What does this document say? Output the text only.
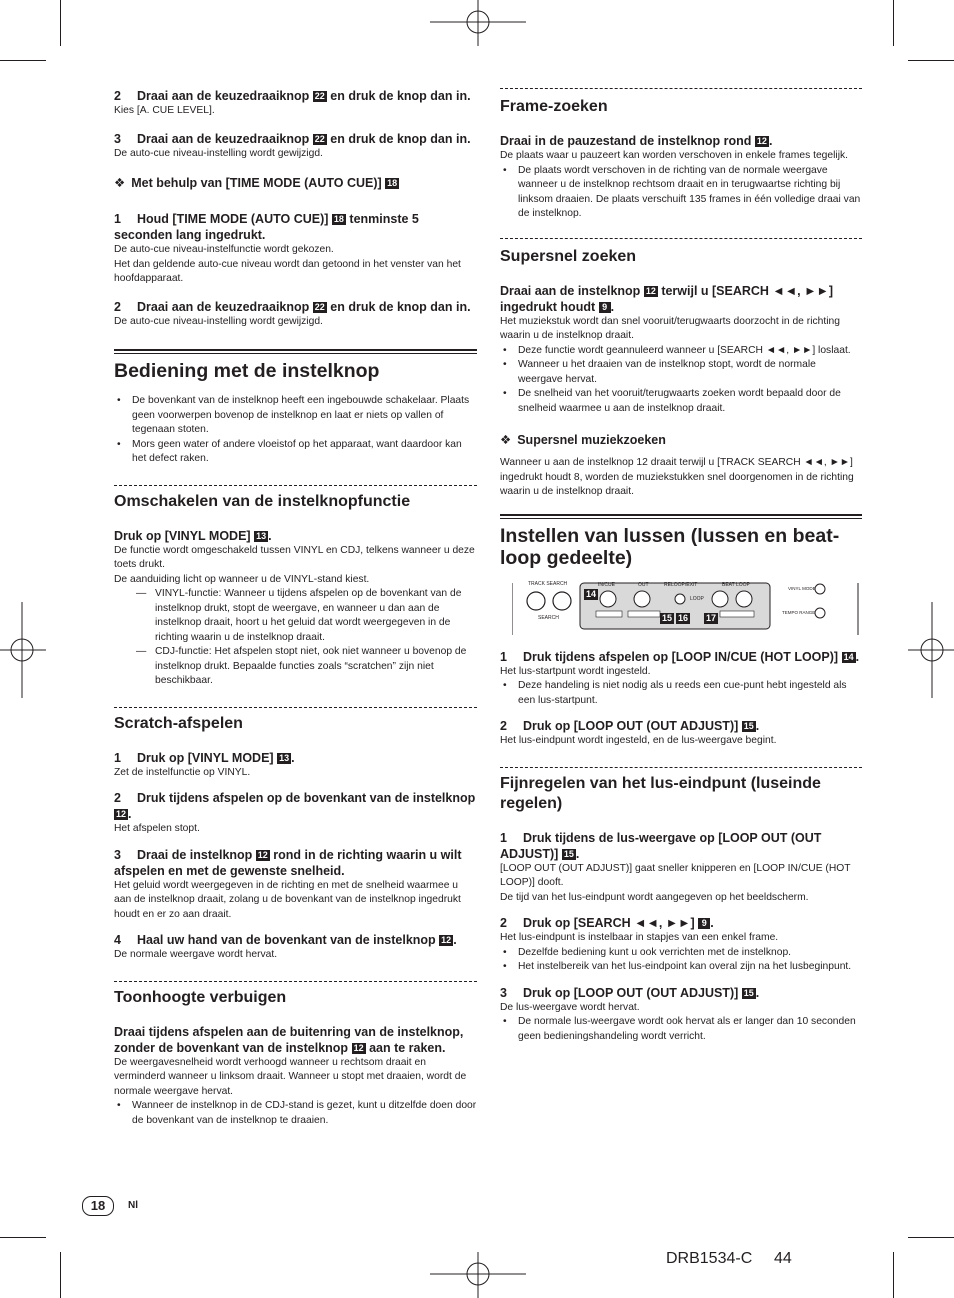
2 Draai aan de keuzedraaiknop 22 en druk de knop dan in.

Kies [A. CUE LEVEL].

3 Draai aan de keuzedraaiknop 22 en druk de knop dan in.

De auto-cue niveau-instelling wordt gewijzigd.

❖ Met behulp van [TIME MODE (AUTO CUE)] 18

1 Houd [TIME MODE (AUTO CUE)] 18 tenminste 5 seconden lang ingedrukt.

De auto-cue niveau-instelfunctie wordt gekozen.

Het dan geldende auto-cue niveau wordt dan getoond in het venster van het hoofdapparaat.

2 Draai aan de keuzedraaiknop 22 en druk de knop dan in.

De auto-cue niveau-instelling wordt gewijzigd.

Bediening met de instelknop

• De bovenkant van de instelknop heeft een ingebouwde schakelaar. Plaats geen voorwerpen bovenop de instelknop en laat er niets op vallen of tegenaan stoten.

• Mors geen water of andere vloeistof op het apparaat, want daardoor kan het defect raken.

Omschakelen van de instelknopfunctie

Druk op [VINYL MODE] 13 .

De functie wordt omgeschakeld tussen VINYL en CDJ, telkens wanneer u deze toets drukt.

De aanduiding licht op wanneer u de VINYL-stand kiest.

— VINYL-functie: Wanneer u tijdens afspelen op de bovenkant van de instelknop drukt, stopt de weergave, en wanneer u dan aan de instelknop draait, hoort u het geluid dat wordt weergegeven in de richting waarin u de instelknop draait.

— CDJ-functie: Het afspelen stopt niet, ook niet wanneer u bovenop de instelknop drukt. Bepaalde functies zoals “scratchen” zijn niet beschikbaar.

Scratch-afspelen

1 Druk op [VINYL MODE] 13 .

Zet de instelfunctie op VINYL.

2 Druk tijdens afspelen op de bovenkant van de instelknop 12 .

Het afspelen stopt.

3 Draai de instelknop 12 rond in de richting waarin u wilt afspelen en met de gewenste snelheid.

Het geluid wordt weergegeven in de richting en met de snelheid waarmee u aan de instelknop draait, zolang u de bovenkant van de instelknop ingedrukt houdt en er zo aan draait.

4 Haal uw hand van de bovenkant van de instelknop 12 .

De normale weergave wordt hervat.

Toonhoogte verbuigen

Draai tijdens afspelen aan de buitenring van de instelknop, zonder de bovenkant van de instelknop 12 aan te raken.

De weergavesnelheid wordt verhoogd wanneer u rechtsom draait en verminderd wanneer u linksom draait. Wanneer u stopt met draaien, wordt de normale weergave hervat.

• Wanneer de instelknop in de CDJ-stand is gezet, kunt u ditzelfde doen door de bovenkant van de instelknop te draaien.

Frame-zoeken

Draai in de pauzestand de instelknop rond 12 .

De plaats waar u pauzeert kan worden verschoven in enkele frames tegelijk.

• De plaats wordt verschoven in de richting van de normale weergave wanneer u de instelknop rechtsom draait en in terugwaartse richting bij linksom draaien. De plaats verschuift 135 frames in één volledige draai van de instelknop.

Supersnel zoeken

Draai aan de instelknop 12 terwijl u [SEARCH ◄◄, ►►] ingedrukt houdt 9 .

Het muziekstuk wordt dan snel vooruit/terugwaarts doorzocht in de richting waarin u de instelknop draait.

• Deze functie wordt geannuleerd wanneer u [SEARCH ◄◄, ►►] loslaat.

• Wanneer u het draaien van de instelknop stopt, wordt de normale weergave hervat.

• De snelheid van het vooruit/terugwaarts zoeken wordt bepaald door de snelheid waarmee u aan de instelknop draait.

❖ Supersnel muziekzoeken

Wanneer u aan de instelknop 12 draait terwijl u [TRACK SEARCH ◄◄, ►►] ingedrukt houdt 8, worden de muziekstukken snel doorgenomen in de richting waarin u de instelknop draait.

Instellen van lussen (lussen en beat-loop gedeelte)
TRACK SEARCH
SEARCH
IN/CUE	OUT	RELOOP/EXIT	BEAT LOOP
LOOP
VINYL MODE
TEMPO RANGE
14
15 16 17

1 Druk tijdens afspelen op [LOOP IN/CUE (HOT LOOP)] 14 .

Het lus-startpunt wordt ingesteld.

• Deze handeling is niet nodig als u reeds een cue-punt hebt ingesteld als een lus-startpunt.

2 Druk op [LOOP OUT (OUT ADJUST)] 15 .

Het lus-eindpunt wordt ingesteld, en de lus-weergave begint.

Fijnregelen van het lus-eindpunt (luseinde regelen)

1 Druk tijdens de lus-weergave op [LOOP OUT (OUT ADJUST)] 15 .

[LOOP OUT (OUT ADJUST)] gaat sneller knipperen en [LOOP IN/CUE (HOT LOOP)] dooft.

De tijd van het lus-eindpunt wordt aangegeven op het beeldscherm.

2 Druk op [SEARCH ◄◄, ►►] 9 .

Het lus-eindpunt is instelbaar in stapjes van een enkel frame.

• Dezelfde bediening kunt u ook verrichten met de instelknop.

• Het instelbereik van het lus-eindpoint kan overal zijn na het lusbeginpunt.

3 Druk op [LOOP OUT (OUT ADJUST)] 15 .

De lus-weergave wordt hervat.

• De normale lus-weergave wordt ook hervat als er langer dan 10 seconden geen bedieningshandeling wordt verricht.

18	Nl
DRB1534-C 44
